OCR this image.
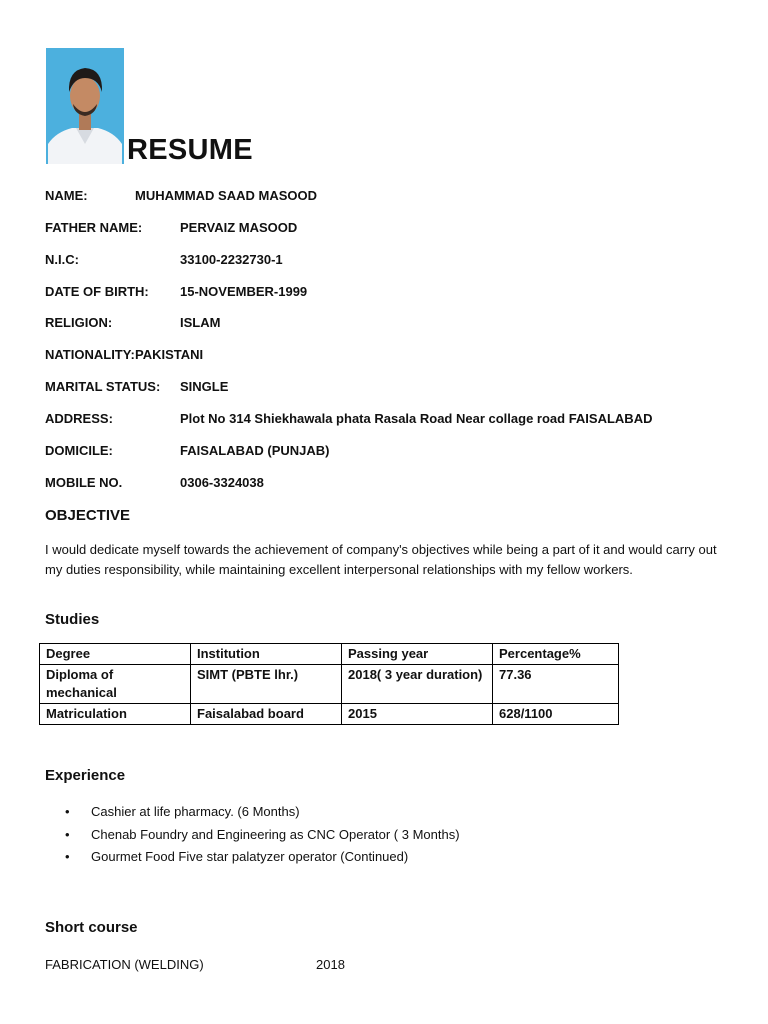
RESUME
NAME:	MUHAMMAD SAAD MASOOD
FATHER NAME:	PERVAIZ MASOOD
N.I.C:	33100-2232730-1
DATE OF BIRTH: 15-NOVEMBER-1999
RELIGION:	ISLAM
NATIONALITY: PAKISTANI
MARITAL STATUS: SINGLE
ADDRESS:	Plot No 314 Shiekhawala phata Rasala Road Near collage road FAISALABAD
DOMICILE:	FAISALABAD (PUNJAB)
MOBILE NO.	0306-3324038
OBJECTIVE
I would dedicate myself towards the achievement of company's objectives while being a part of it and would carry out my duties responsibility, while maintaining excellent interpersonal relationships with my fellow workers.
Studies
Degree	Institution	Passing year	Percentage%
Diploma of mechanical	SIMT (PBTE lhr.)	2018( 3 year duration)	77.36
Matriculation	Faisalabad board	2015	628/1100
Experience
• Cashier at life pharmacy. (6 Months)
• Chenab Foundry and Engineering as CNC Operator ( 3 Months)
• Gourmet Food Five star palatyzer operator (Continued)
Short course
FABRICATION (WELDING)	2018
